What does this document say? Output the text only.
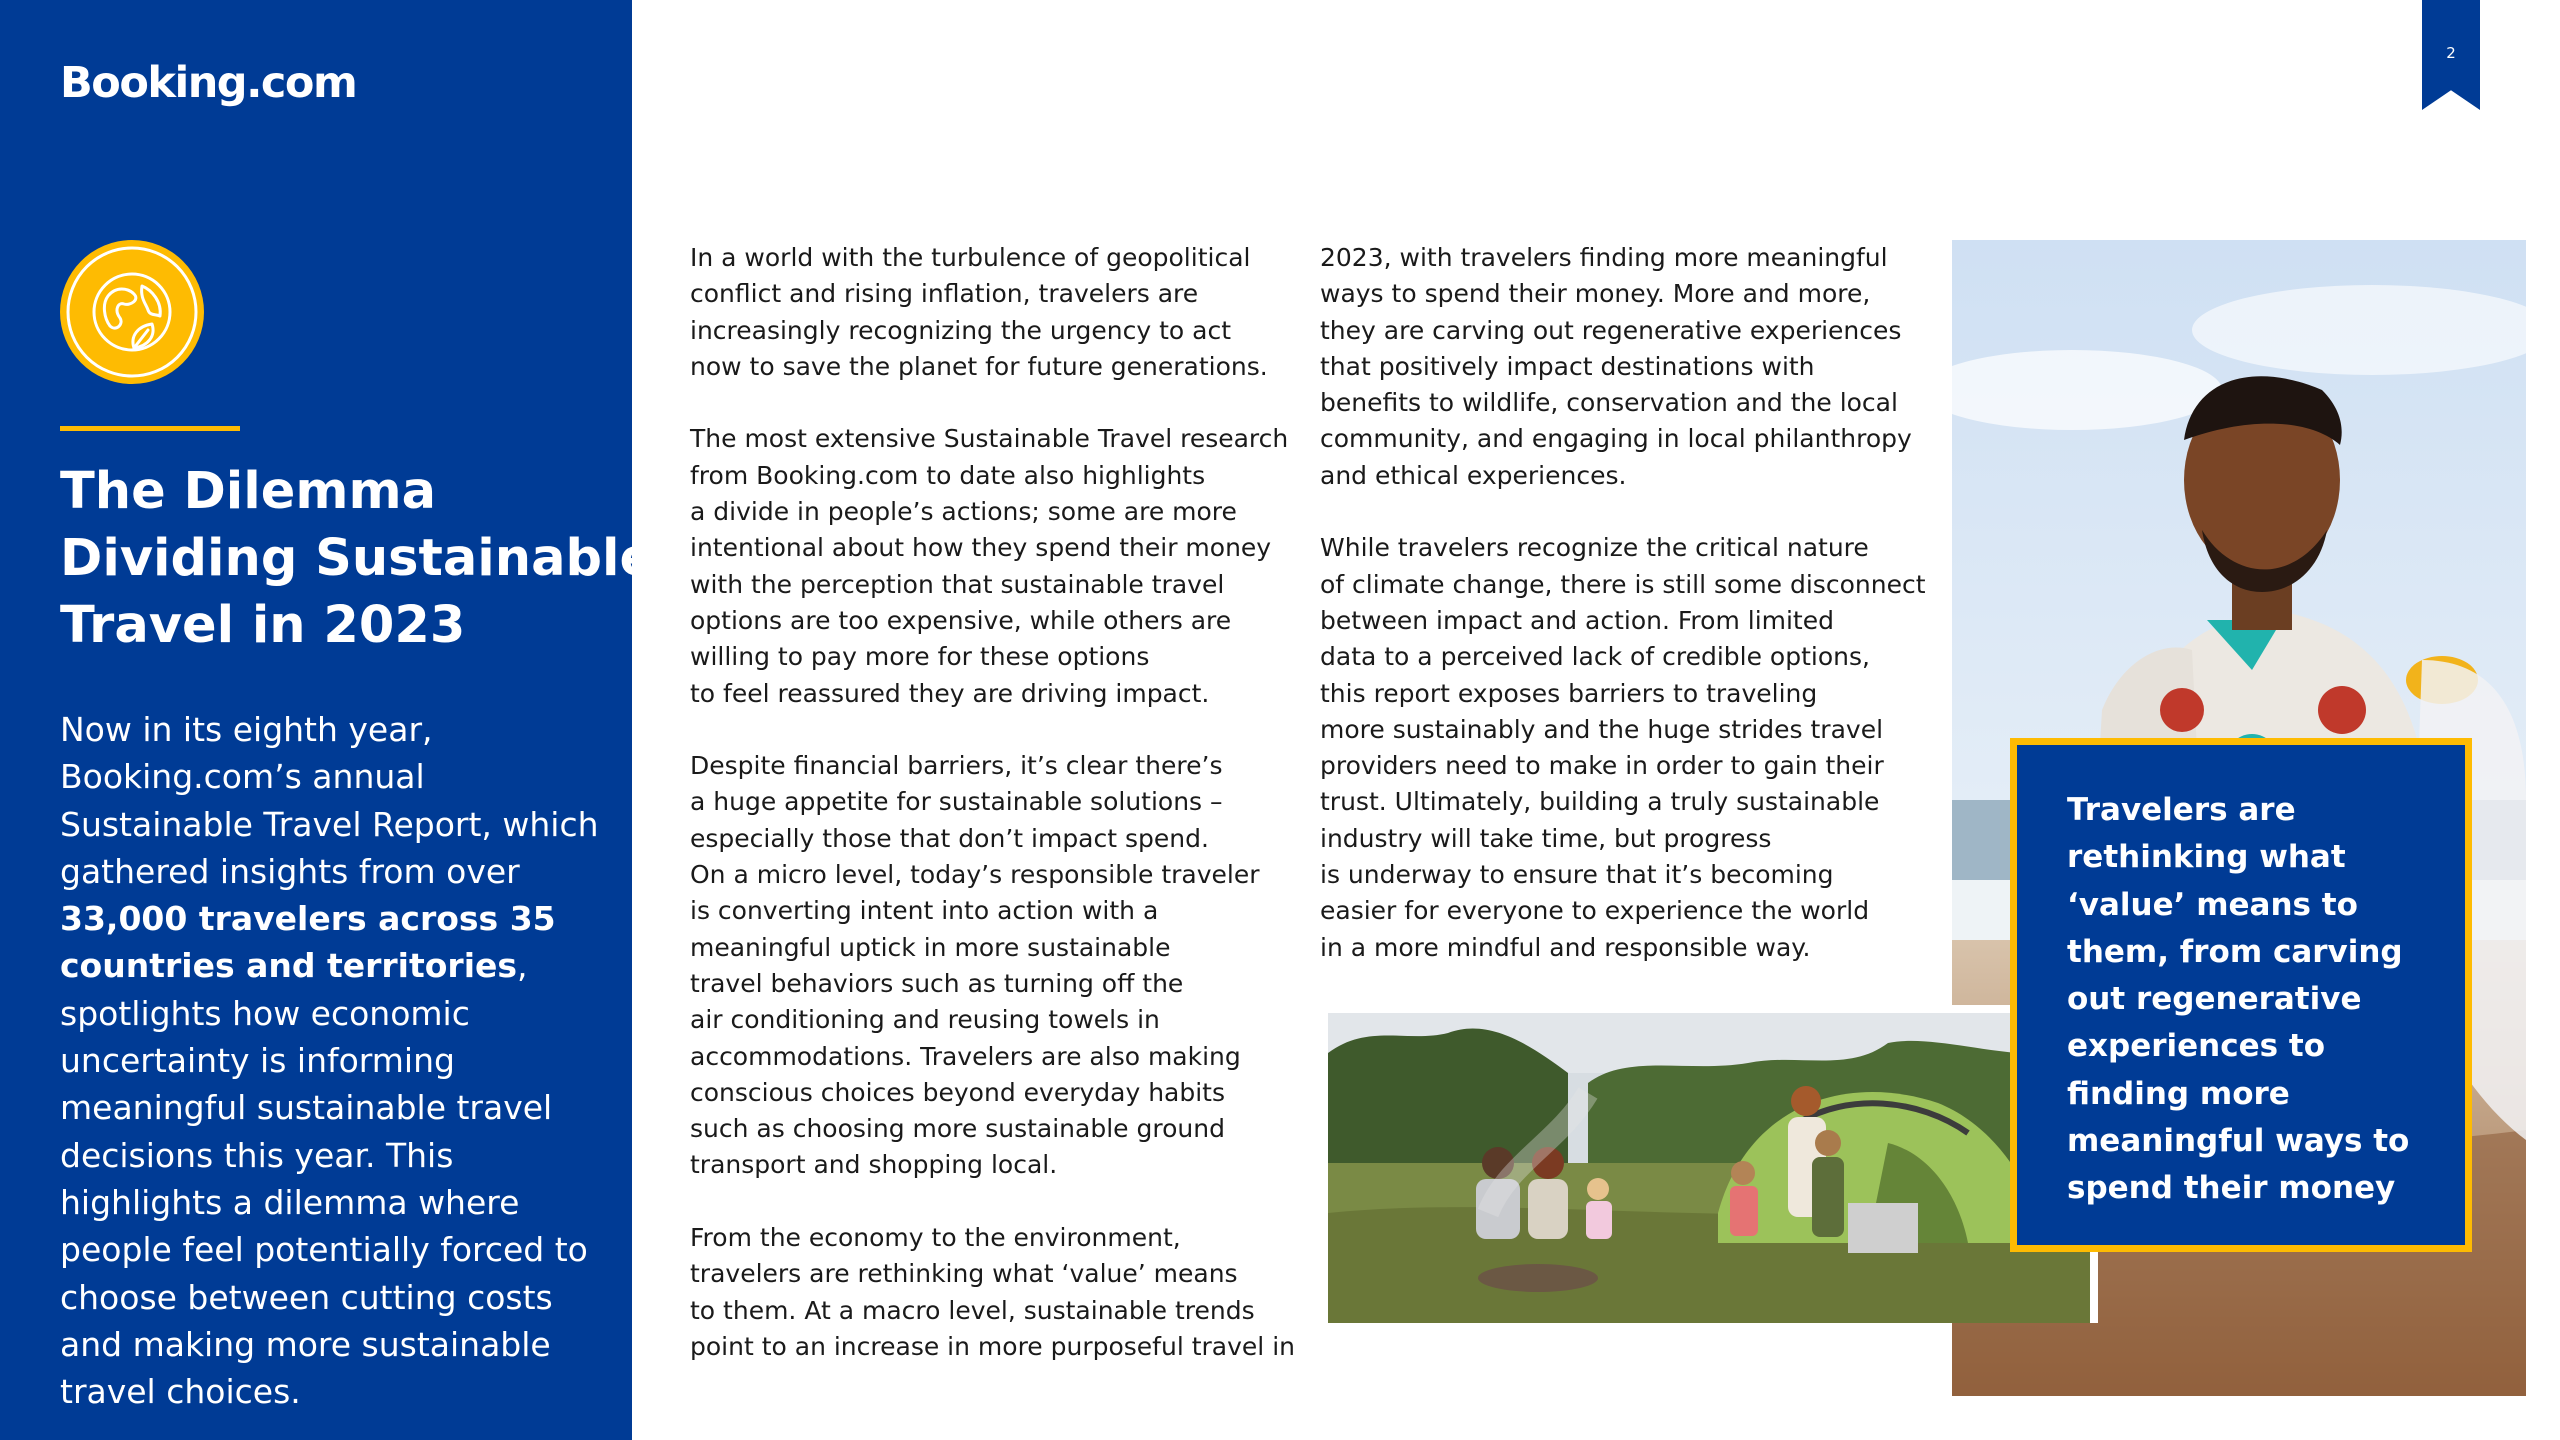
Booking.com
The Dilemma
Dividing Sustainable
Travel in 2023

Now in its eighth year, Booking.com’s annual Sustainable Travel Report, which gathered insights from over 33,000 travelers across 35 countries and territories, spotlights how economic uncertainty is informing meaningful sustainable travel decisions this year. This highlights a dilemma where people feel potentially forced to choose between cutting costs and making more sustainable travel choices.

2

In a world with the turbulence of geopolitical
conflict and rising inflation, travelers are
increasingly recognizing the urgency to act
now to save the planet for future generations.

The most extensive Sustainable Travel research
from Booking.com to date also highlights
a divide in people’s actions; some are more
intentional about how they spend their money
with the perception that sustainable travel
options are too expensive, while others are
willing to pay more for these options
to feel reassured they are driving impact.

Despite financial barriers, it’s clear there’s
a huge appetite for sustainable solutions –
especially those that don’t impact spend.
On a micro level, today’s responsible traveler
is converting intent into action with a
meaningful uptick in more sustainable
travel behaviors such as turning off the
air conditioning and reusing towels in
accommodations. Travelers are also making
conscious choices beyond everyday habits
such as choosing more sustainable ground
transport and shopping local.

From the economy to the environment,
travelers are rethinking what ‘value’ means
to them. At a macro level, sustainable trends
point to an increase in more purposeful travel in

2023, with travelers finding more meaningful
ways to spend their money. More and more,
they are carving out regenerative experiences
that positively impact destinations with
benefits to wildlife, conservation and the local
community, and engaging in local philanthropy
and ethical experiences.

While travelers recognize the critical nature
of climate change, there is still some disconnect
between impact and action. From limited
data to a perceived lack of credible options,
this report exposes barriers to traveling
more sustainably and the huge strides travel
providers need to make in order to gain their
trust. Ultimately, building a truly sustainable
industry will take time, but progress
is underway to ensure that it’s becoming
easier for everyone to experience the world
in a more mindful and responsible way.

Travelers are
rethinking what
‘value’ means to
them, from carving
out regenerative
experiences to
finding more
meaningful ways to
spend their money
